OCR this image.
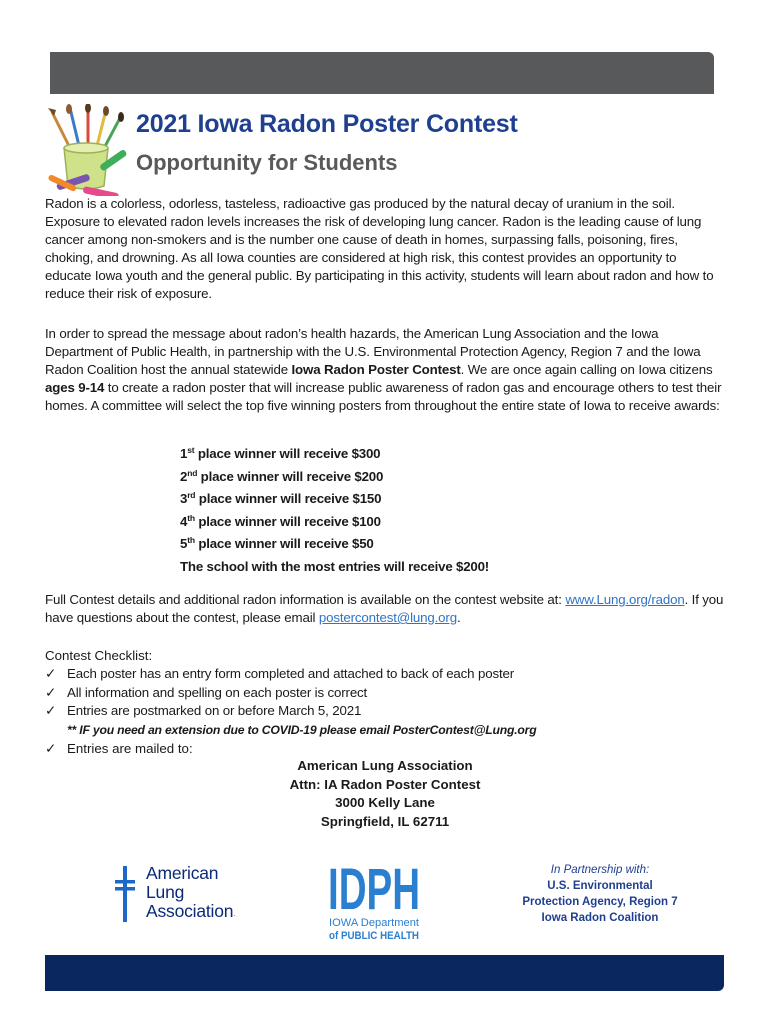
2021 Iowa Radon Poster Contest
Opportunity for Students

Radon is a colorless, odorless, tasteless, radioactive gas produced by the natural decay of uranium in the soil. Exposure to elevated radon levels increases the risk of developing lung cancer. Radon is the leading cause of lung cancer among non-smokers and is the number one cause of death in homes, surpassing falls, poisoning, fires, choking, and drowning. As all Iowa counties are considered at high risk, this contest provides an opportunity to educate Iowa youth and the general public. By participating in this activity, students will learn about radon and how to reduce their risk of exposure.

In order to spread the message about radon’s health hazards, the American Lung Association and the Iowa Department of Public Health, in partnership with the U.S. Environmental Protection Agency, Region 7 and the Iowa Radon Coalition host the annual statewide Iowa Radon Poster Contest. We are once again calling on Iowa citizens ages 9-14 to create a radon poster that will increase public awareness of radon gas and encourage others to test their homes. A committee will select the top five winning posters from throughout the entire state of Iowa to receive awards:

1st place winner will receive $300
2nd place winner will receive $200
3rd place winner will receive $150
4th place winner will receive $100
5th place winner will receive $50
The school with the most entries will receive $200!

Full Contest details and additional radon information is available on the contest website at: www.Lung.org/radon. If you have questions about the contest, please email postercontest@lung.org.

Contest Checklist:

✓ Each poster has an entry form completed and attached to back of each poster
✓ All information and spelling on each poster is correct
✓ Entries are postmarked on or before March 5, 2021

** IF you need an extension due to COVID-19 please email PosterContest@Lung.org

✓ Entries are mailed to:
American Lung Association
Attn: IA Radon Poster Contest
3000 Kelly Lane
Springfield, IL 62711
American
Lung
Association. IDPH
IOWA Department
of PUBLIC HEALTH
In Partnership with:
U.S. Environmental
Protection Agency, Region 7
Iowa Radon Coalition
